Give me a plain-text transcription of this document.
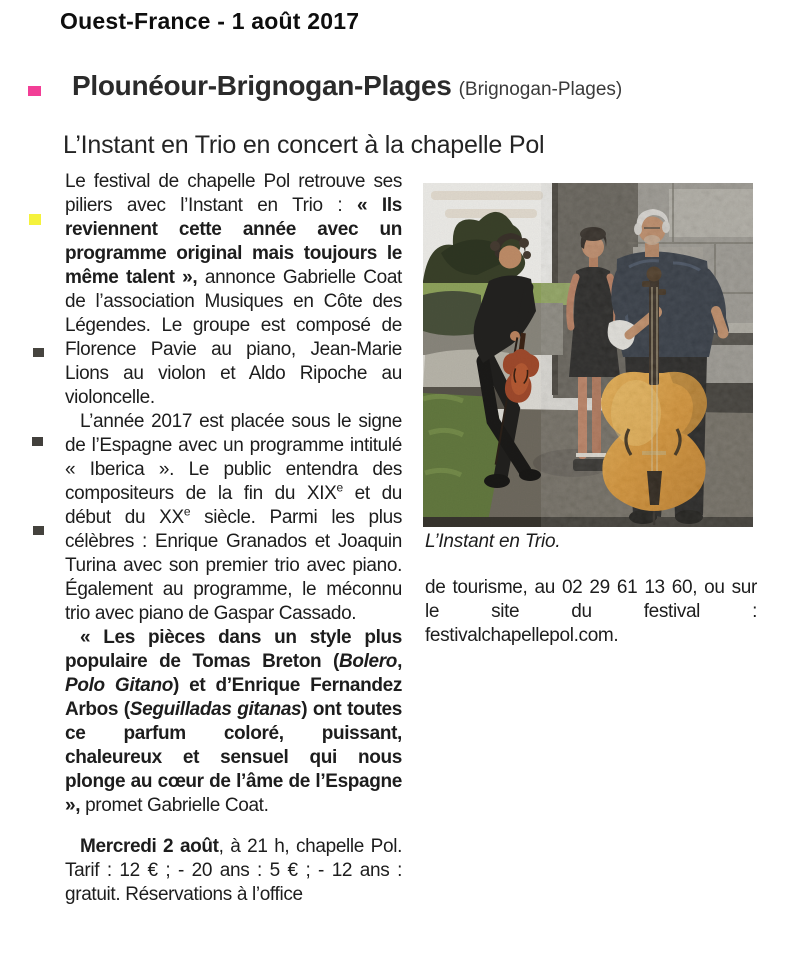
Ouest-France - 1 août 2017
Plounéour-Brignogan-Plages (Brignogan-Plages)
L’Instant en Trio en concert à la chapelle Pol

Le festival de chapelle Pol retrouve ses piliers avec l’Instant en Trio : « Ils reviennent cette année avec un programme original mais toujours le même talent », annonce Gabrielle Coat de l’association Musiques en Côte des Légendes. Le groupe est composé de Florence Pavie au piano, Jean-Marie Lions au violon et Aldo Ripoche au violoncelle.

L’année 2017 est placée sous le signe de l’Espagne avec un programme intitulé « Iberica ». Le public entendra des compositeurs de la fin du XIXe et du début du XXe siècle. Parmi les plus célèbres : Enrique Granados et Joaquin Turina avec son premier trio avec piano. Également au programme, le méconnu trio avec piano de Gaspar Cassado.

« Les pièces dans un style plus populaire de Tomas Breton (Bolero, Polo Gitano) et d’Enrique Fernandez Arbos (Seguilladas gitanas) ont toutes ce parfum coloré, puissant, chaleureux et sensuel qui nous plonge au cœur de l’âme de l’Espagne », promet Gabrielle Coat.

Mercredi 2 août, à 21 h, chapelle Pol. Tarif : 12 € ; - 20 ans : 5 € ; - 12 ans : gratuit. Réservations à l’office

L’Instant en Trio.
de tourisme, au 02 29 61 13 60, ou sur le site du festival : festivalchapellepol.com.
